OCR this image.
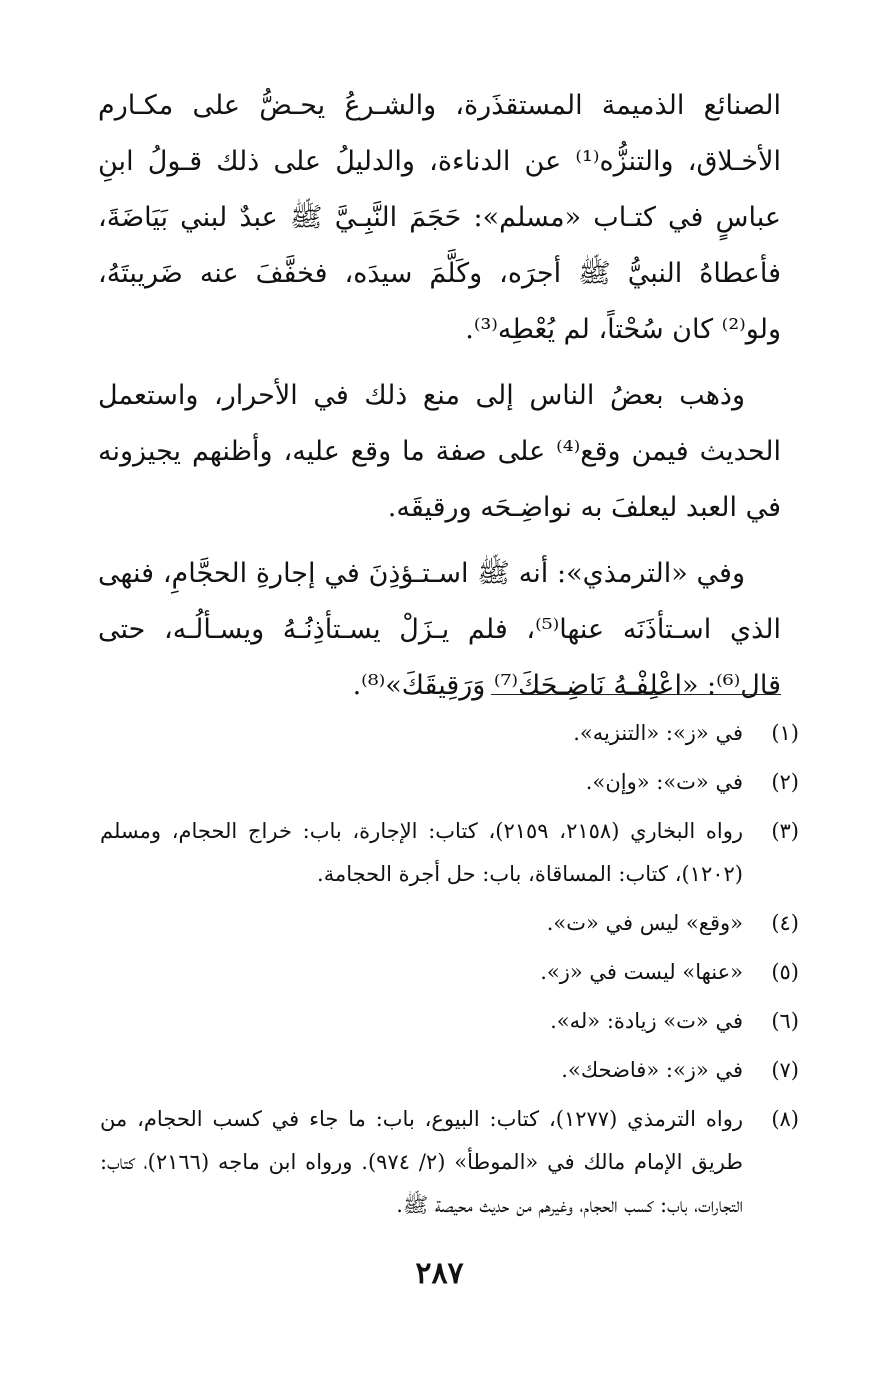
الصنائع الذميمة المستقذَرة، والشـرعُ يحـضُّ على مكـارم الأخـلاق، والتنزُّه⁽¹⁾ عن الدناءة، والدليلُ على ذلك قـولُ ابنِ عباسٍ في كتـاب «مسلم»: حَجَمَ النَّبِـيَّ ﷺ عبدٌ لبني بَيَاضَةَ، فأعطاهُ النبيُّ ﷺ أجرَه، وكَلَّمَ سيدَه، فخفَّفَ عنه ضَريبتَهُ، ولو⁽²⁾ كان سُحْتاً، لم يُعْطِه⁽³⁾.

وذهب بعضُ الناس إلى منع ذلك في الأحرار، واستعمل الحديث فيمن وقع⁽⁴⁾ على صفة ما وقع عليه، وأظنهم يجيزونه في العبد ليعلفَ به نواضِـحَه ورقيقَه.

وفي «الترمذي»: أنه ﷺ اسـتـؤذِنَ في إجارةِ الحجَّامِ، فنهى الذي اسـتأذَنَه عنها⁽⁵⁾، فلم يـزَلْ يسـتأذِنُـهُ ويسـألُـه، حتى قال⁽⁶⁾: «اعْلِفْـهُ نَاضِـحَكَ⁽⁷⁾ وَرَقِيقَكَ»⁽⁸⁾.

(١)
في «ز»: «التنزيه».
(٢)
في «ت»: «وإن».
(٣)
رواه البخاري (٢١٥٨، ٢١٥٩)، كتاب: الإجارة، باب: خراج الحجام، ومسلم (١٢٠٢)، كتاب: المساقاة، باب: حل أجرة الحجامة.
(٤)
«وقع» ليس في «ت».
(٥)
«عنها» ليست في «ز».
(٦)
في «ت» زيادة: «له».
(٧)
في «ز»: «فاضحك».
(٨)
رواه الترمذي (١٢٧٧)، كتاب: البيوع، باب: ما جاء في كسب الحجام، من طريق الإمام مالك في «الموطأ» (٢/ ٩٧٤). ورواه ابن ماجه (٢١٦٦)، كتاب: التجارات، باب: كسب الحجام، وغيرهم من حديث محيصة ﷺ.
٢٨٧
